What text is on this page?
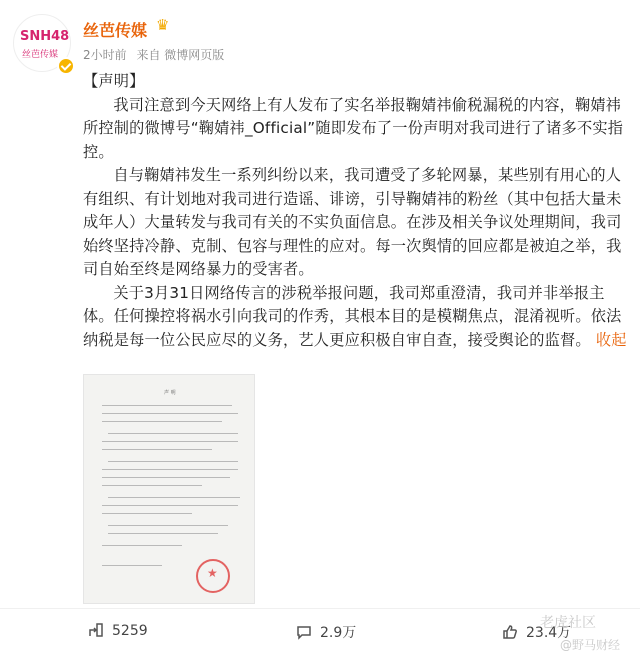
SNH48
丝芭传媒
丝芭传媒 ♛
2小时前 来自 微博网页版

【声明】

我司注意到今天网络上有人发布了实名举报鞠婧祎偷税漏税的内容，鞠婧祎所控制的微博号“鞠婧祎_Official”随即发布了一份声明对我司进行了诸多不实指控。

自与鞠婧祎发生一系列纠纷以来，我司遭受了多轮网暴，某些别有用心的人有组织、有计划地对我司进行造谣、诽谤，引导鞠婧祎的粉丝（其中包括大量未成年人）大量转发与我司有关的不实负面信息。在涉及相关争议处理期间，我司始终坚持冷静、克制、包容与理性的应对。每一次舆情的回应都是被迫之举，我司自始至终是网络暴力的受害者。

关于3月31日网络传言的涉税举报问题，我司郑重澄清，我司并非举报主体。任何操控将祸水引向我司的作秀，其根本目的是模糊焦点，混淆视听。依法纳税是每一位公民应尽的义务，艺人更应积极自审自查，接受舆论的监督。 收起

声 明
★
5259	2.9万	23.4万
老虎社区
@野马财经
